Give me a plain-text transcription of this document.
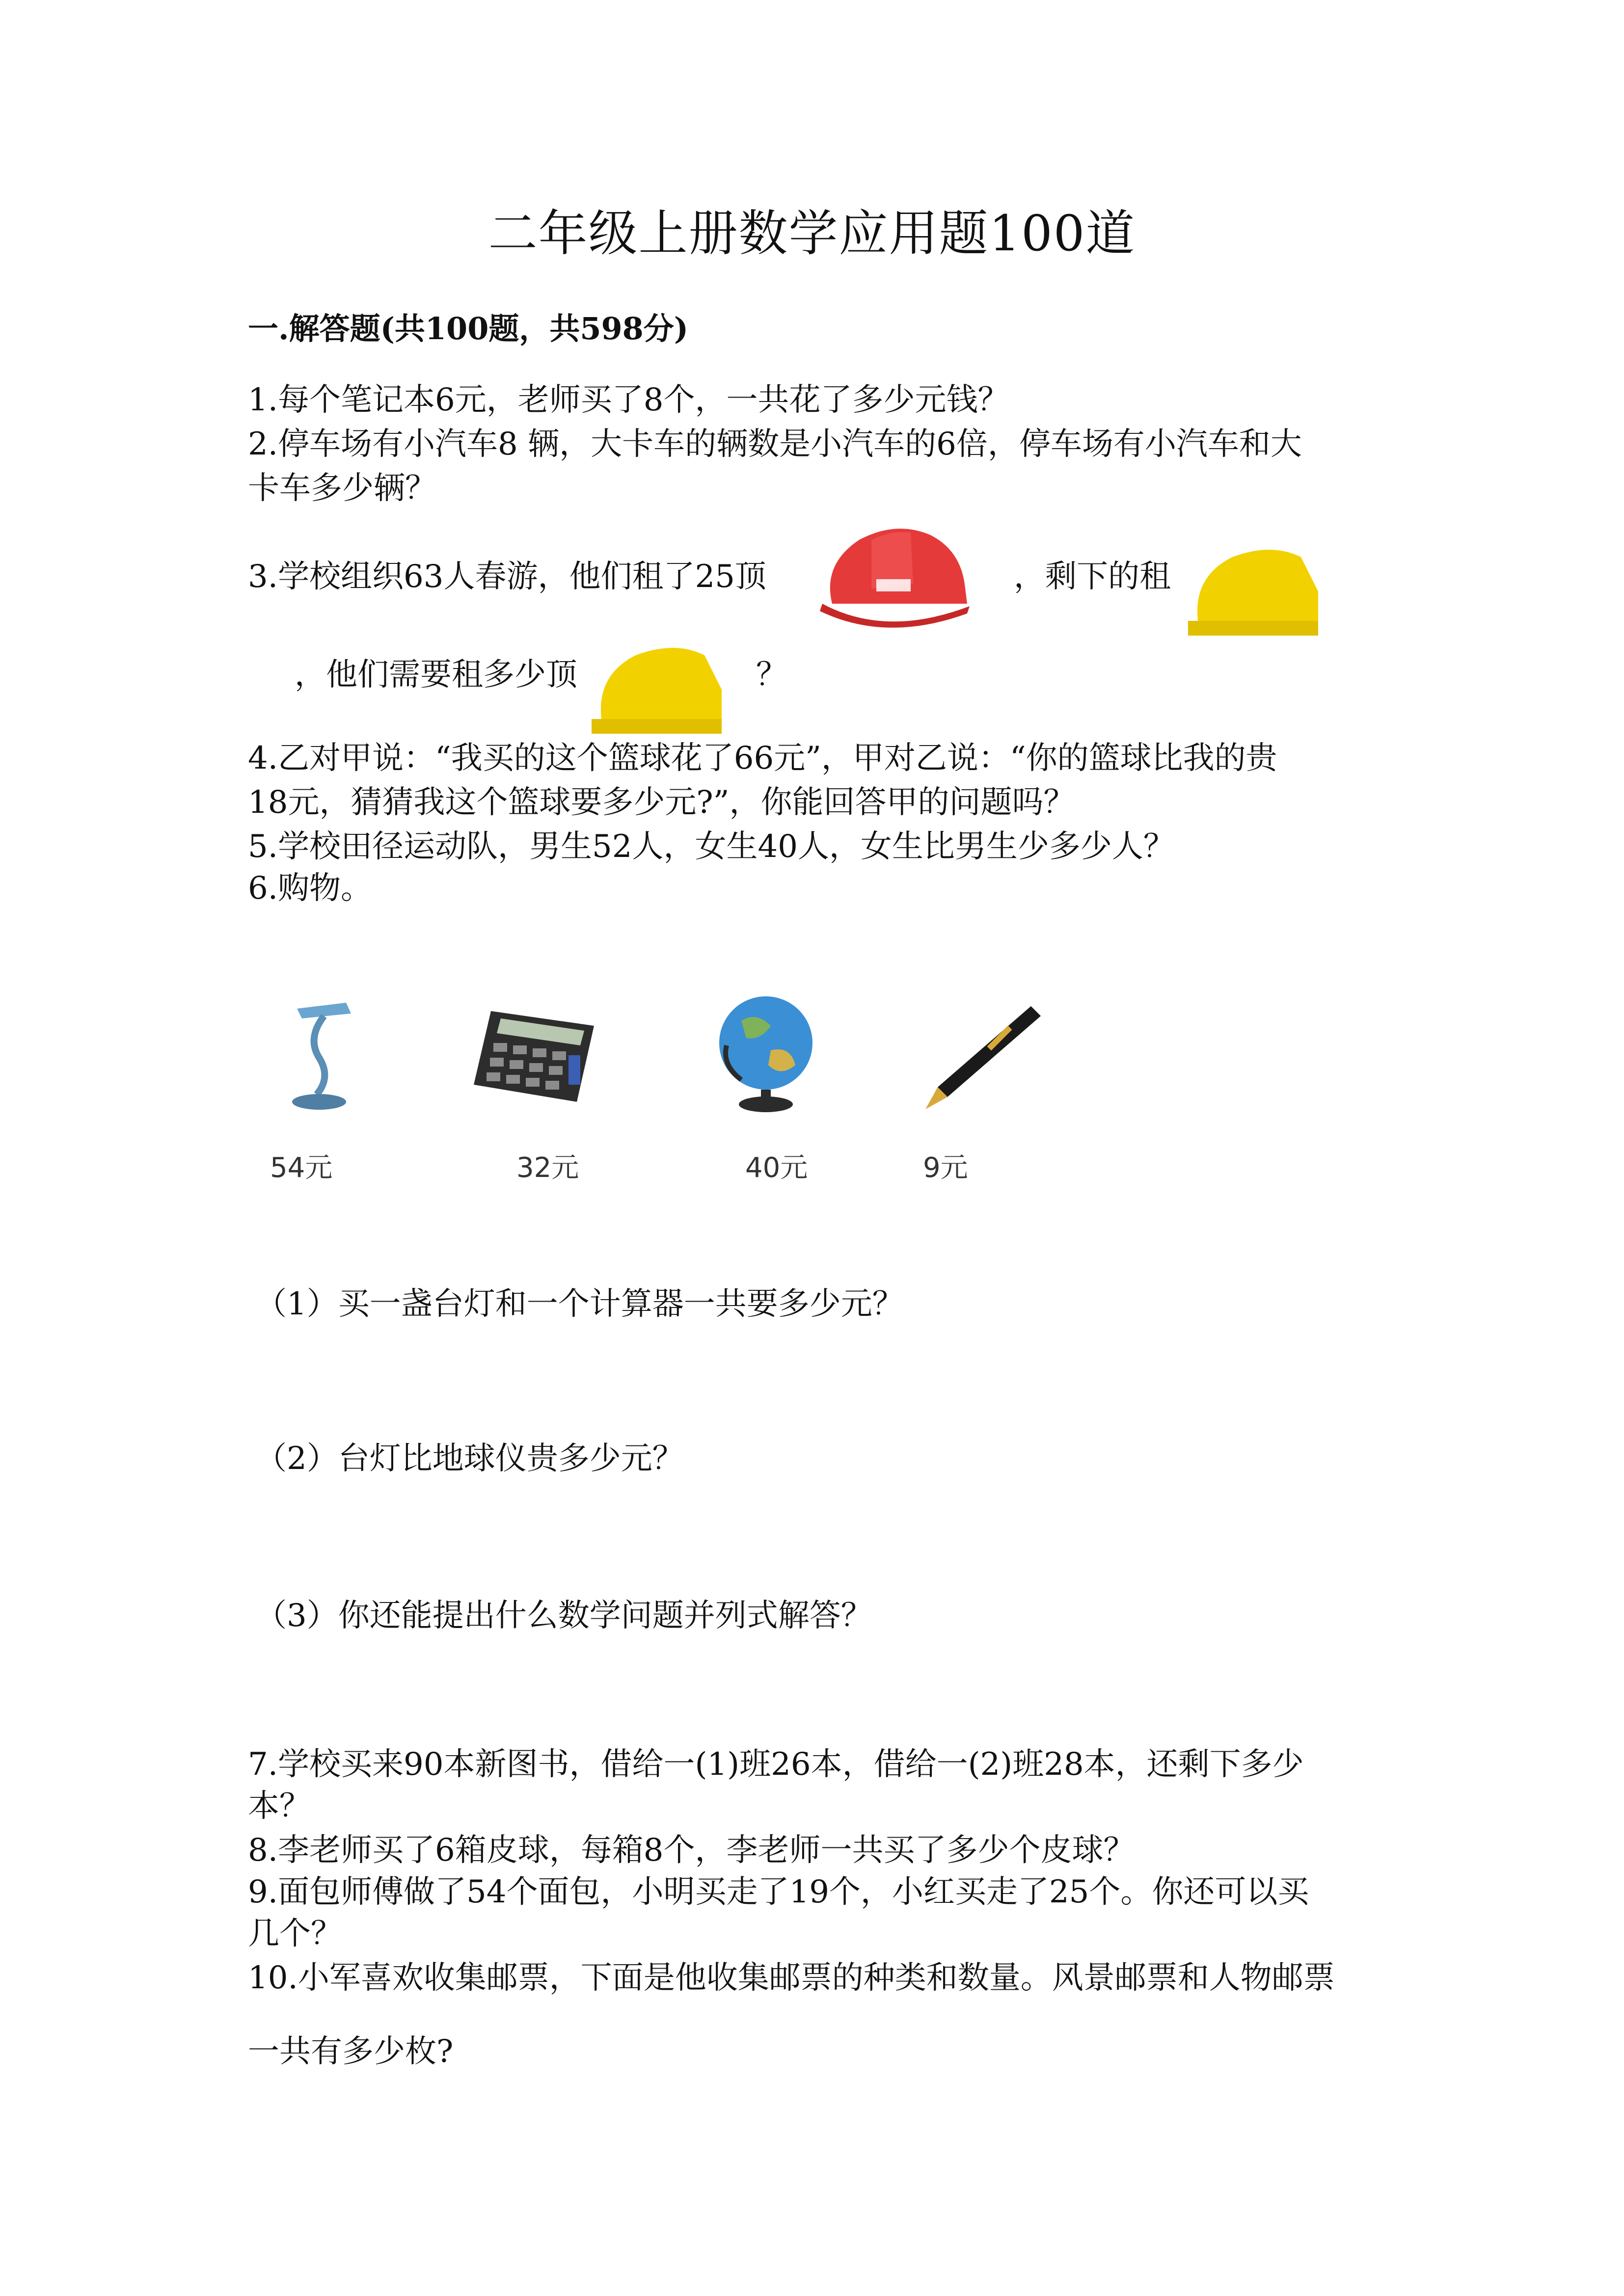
二年级上册数学应用题100道
一.解答题(共100题，共598分)
1.每个笔记本6元，老师买了8个，一共花了多少元钱？
2.停车场有小汽车8 辆，大卡车的辆数是小汽车的6倍，停车场有小汽车和大
卡车多少辆？
3.学校组织63人春游，他们租了25顶	，剩下的租
，他们需要租多少顶	？
4.乙对甲说：“我买的这个篮球花了66元”，甲对乙说：“你的篮球比我的贵
18元，猜猜我这个篮球要多少元?”，你能回答甲的问题吗？
5.学校田径运动队，男生52人，女生40人，女生比男生少多少人？
6.购物。
54元	32元	40元	9元
（1）买一盏台灯和一个计算器一共要多少元？
（2）台灯比地球仪贵多少元？
（3）你还能提出什么数学问题并列式解答？
7.学校买来90本新图书，借给一(1)班26本，借给一(2)班28本，还剩下多少
本？
8.李老师买了6箱皮球，每箱8个，李老师一共买了多少个皮球？
9.面包师傅做了54个面包，小明买走了19个，小红买走了25个。你还可以买
几个？
10.小军喜欢收集邮票，下面是他收集邮票的种类和数量。风景邮票和人物邮票
一共有多少枚?
